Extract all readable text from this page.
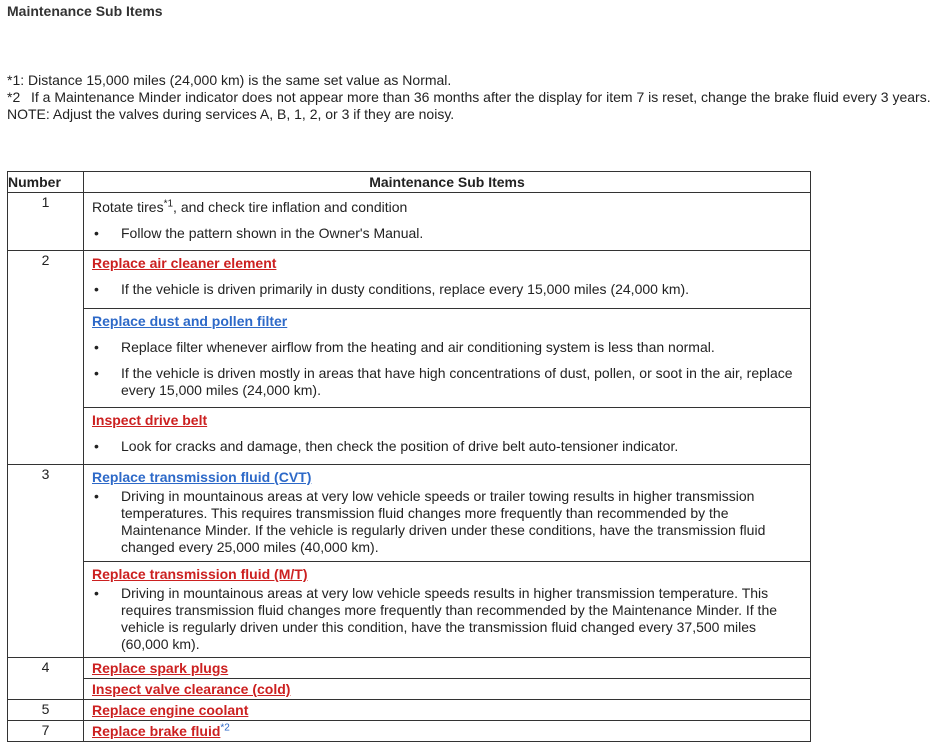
Maintenance Sub Items
*1:
Distance 15,000 miles (24,000 km) is the same set value as Normal.
*2 If a Maintenance Minder indicator does not appear more than 36 months after the display for item 7 is reset, change the brake fluid every 3 years.
NOTE: Adjust the valves during services A, B, 1, 2, or 3 if they are noisy.
Number	Maintenance Sub Items
1	Rotate tires$^{*1}$, and check tire inflation and condition
• Follow the pattern shown in the Owner's Manual.

2	Replace air cleaner element
• If the vehicle is driven primarily in dusty conditions, replace every 15,000 miles (24,000 km).

	Replace dust and pollen filter
• Replace filter whenever airflow from the heating and air conditioning system is less than normal.
• If the vehicle is driven mostly in areas that have high concentrations of dust, pollen, or soot in the air, replace every 15,000 miles (24,000 km).

	Inspect drive belt
• Look for cracks and damage, then check the position of drive belt auto-tensioner indicator.

3	Replace transmission fluid (CVT)
• Driving in mountainous areas at very low vehicle speeds or trailer towing results in higher transmission temperatures. This requires transmission fluid changes more frequently than recommended by the Maintenance Minder. If the vehicle is regularly driven under these conditions, have the transmission fluid changed every 25,000 miles (40,000 km).

	Replace transmission fluid (M/T)
• Driving in mountainous areas at very low vehicle speeds results in higher transmission temperature. This requires transmission fluid changes more frequently than recommended by the Maintenance Minder. If the vehicle is regularly driven under this condition, have the transmission fluid changed every 37,500 miles (60,000 km).

4	Replace spark plugs

	Inspect valve clearance (cold)

5	Replace engine coolant

7	Replace brake fluid$^{*2}$
